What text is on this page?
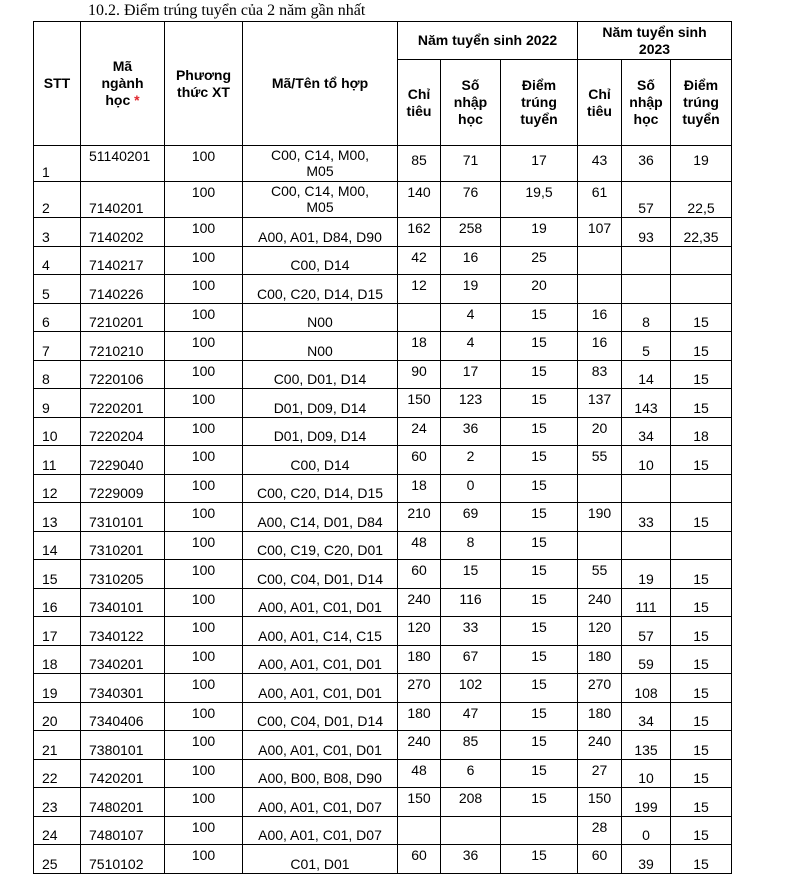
10.2. Điểm trúng tuyển của 2 năm gần nhất
STT	Mã ngành học *	Phương thức XT	Mã/Tên tổ hợp	Năm tuyển sinh 2022			Năm tuyển sinh 2023		
				Chỉ tiêu	Số nhập học	Điểm trúng tuyển	Chỉ tiêu	Số nhập học	Điểm trúng tuyển

1	51140201	100	C00, C14, M00, M05	85	71	17	43	36	19

2	7140201	100	C00, C14, M00, M05	140	76	19,5	61	57	22,5

3	7140202	100	A00, A01, D84, D90	162	258	19	107	93	22,35

4	7140217	100	C00, D14	42	16	25			

5	7140226	100	C00, C20, D14, D15	12	19	20			

6	7210201	100	N00		4	15	16	8	15

7	7210210	100	N00	18	4	15	16	5	15

8	7220106	100	C00, D01, D14	90	17	15	83	14	15

9	7220201	100	D01, D09, D14	150	123	15	137	143	15

10	7220204	100	D01, D09, D14	24	36	15	20	34	18

11	7229040	100	C00, D14	60	2	15	55	10	15

12	7229009	100	C00, C20, D14, D15	18	0	15			

13	7310101	100	A00, C14, D01, D84	210	69	15	190	33	15

14	7310201	100	C00, C19, C20, D01	48	8	15			

15	7310205	100	C00, C04, D01, D14	60	15	15	55	19	15

16	7340101	100	A00, A01, C01, D01	240	116	15	240	111	15

17	7340122	100	A00, A01, C14, C15	120	33	15	120	57	15

18	7340201	100	A00, A01, C01, D01	180	67	15	180	59	15

19	7340301	100	A00, A01, C01, D01	270	102	15	270	108	15

20	7340406	100	C00, C04, D01, D14	180	47	15	180	34	15

21	7380101	100	A00, A01, C01, D01	240	85	15	240	135	15

22	7420201	100	A00, B00, B08, D90	48	6	15	27	10	15

23	7480201	100	A00, A01, C01, D07	150	208	15	150	199	15

24	7480107	100	A00, A01, C01, D07				28	0	15

25	7510102	100	C01, D01	60	36	15	60	39	15
